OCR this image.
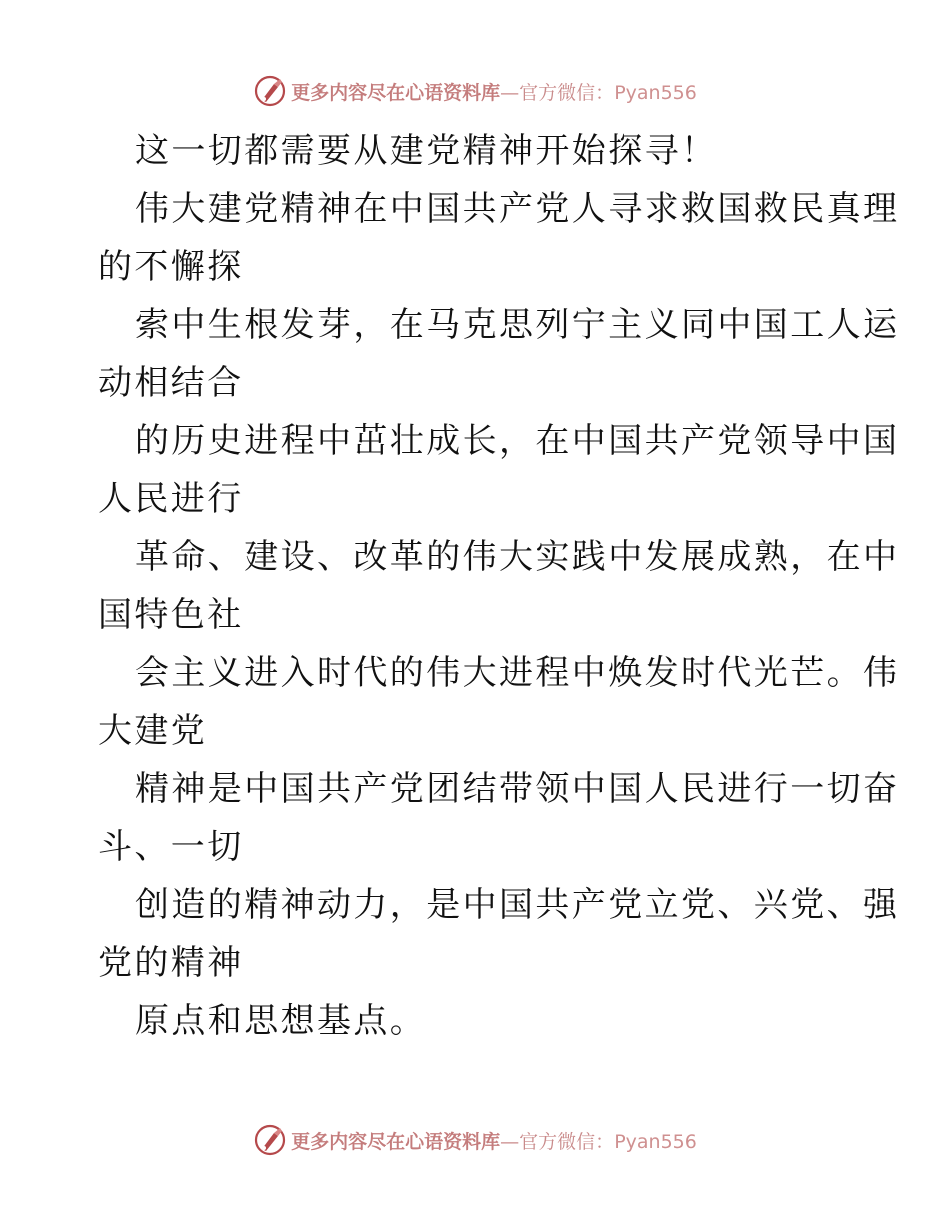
更多内容尽在心语资料库—官方微信：Pyan556
这一切都需要从建党精神开始探寻！
伟大建党精神在中国共产党人寻求救国救民真理
的不懈探
索中生根发芽，在马克思列宁主义同中国工人运
动相结合
的历史进程中茁壮成长，在中国共产党领导中国
人民进行
革命、建设、改革的伟大实践中发展成熟，在中
国特色社
会主义进入时代的伟大进程中焕发时代光芒。伟
大建党
精神是中国共产党团结带领中国人民进行一切奋
斗、一切
创造的精神动力，是中国共产党立党、兴党、强
党的精神
原点和思想基点。
更多内容尽在心语资料库—官方微信：Pyan556
